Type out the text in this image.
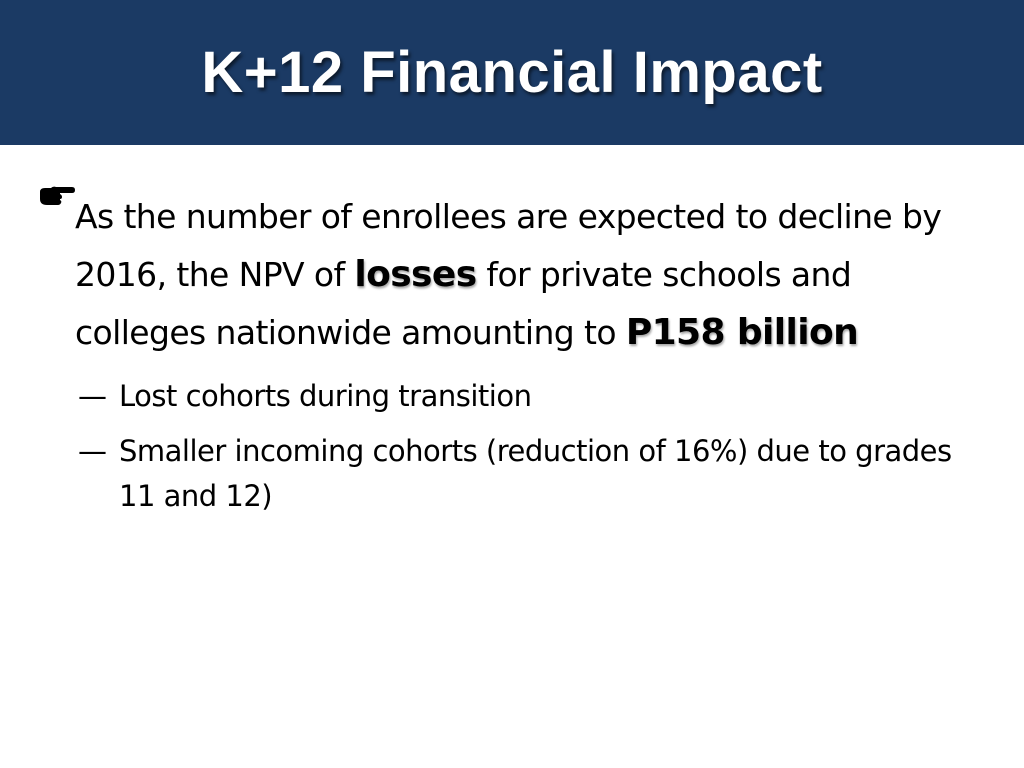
K+12 Financial Impact

As the number of enrollees are expected to decline by 2016, the NPV of losses for private schools and colleges nationwide amounting to P158 billion

— Lost cohorts during transition
— Smaller incoming cohorts (reduction of 16%) due to grades 11 and 12)
